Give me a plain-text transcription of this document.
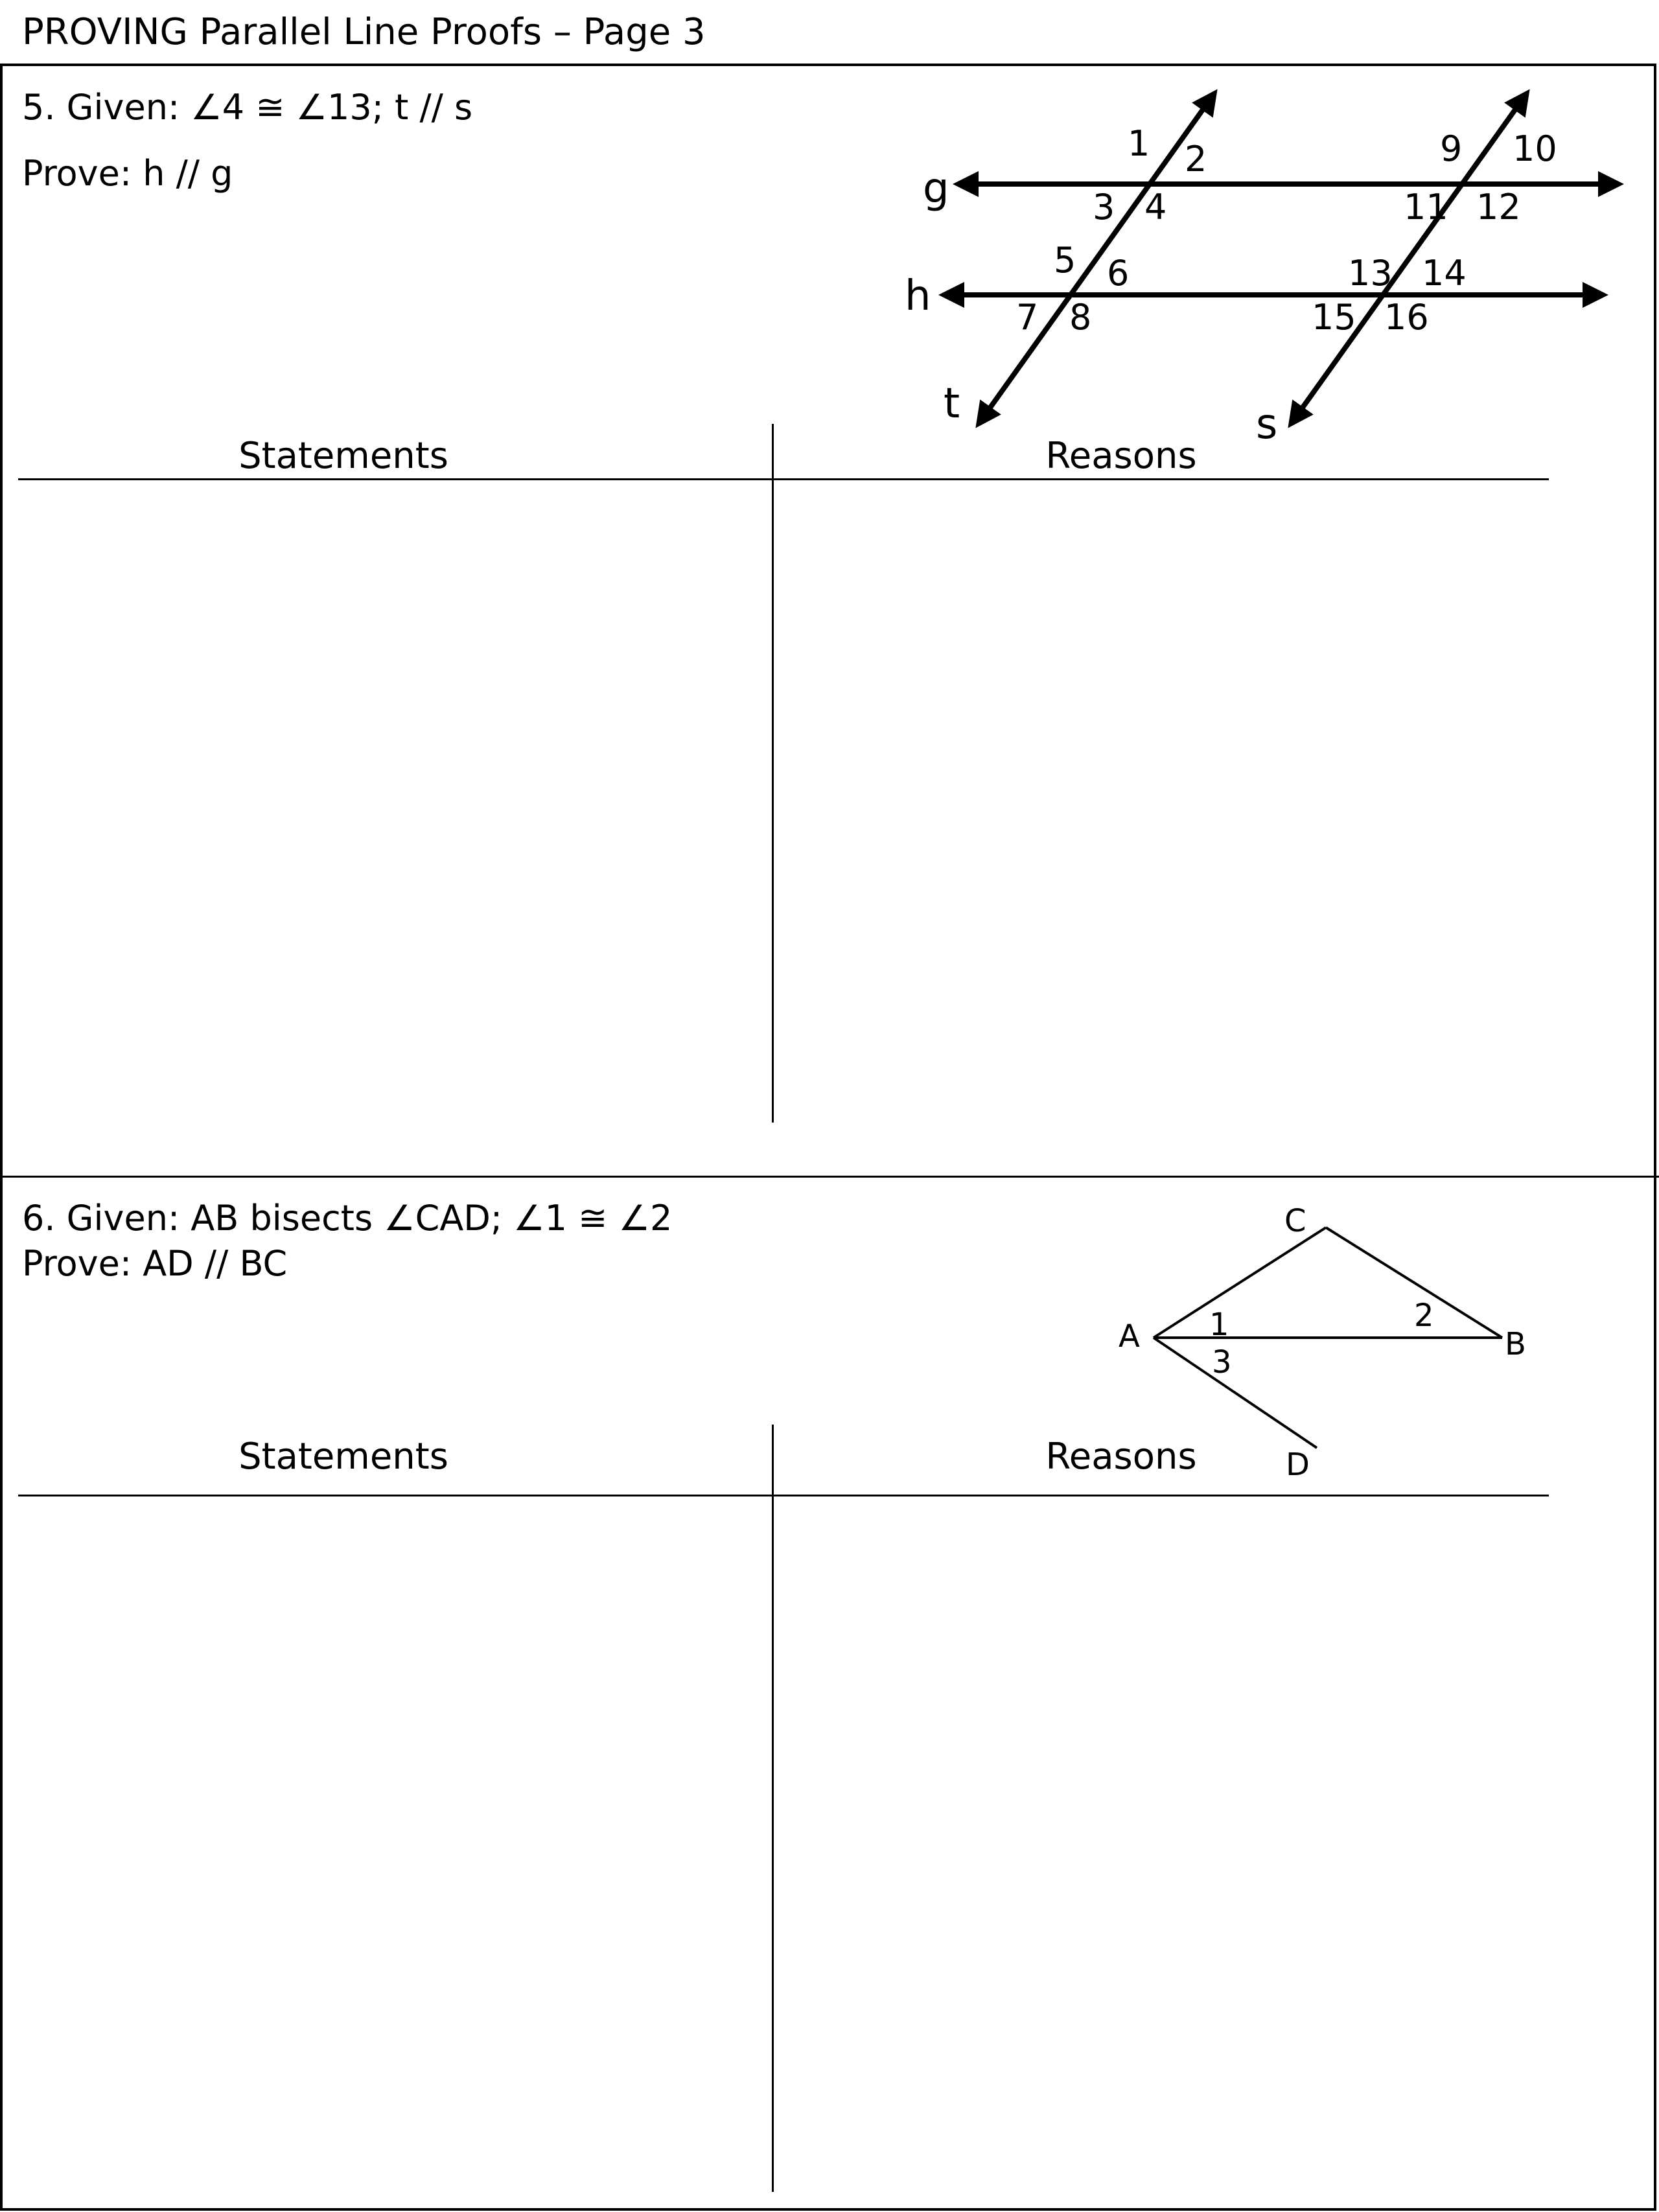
PROVING Parallel Line Proofs – Page 3
5. Given: ∠4 ≅ ∠13; t // s
Prove: h // g
Statements	Reasons
6. Given: AB bisects ∠CAD; ∠1 ≅ ∠2
Prove: AD // BC
Statements	Reasons
g
h
t	s
1 2
3 4
5 6
7 8
9 10
11 12
13 14
15 16
A	B
C
D
1	2
3
